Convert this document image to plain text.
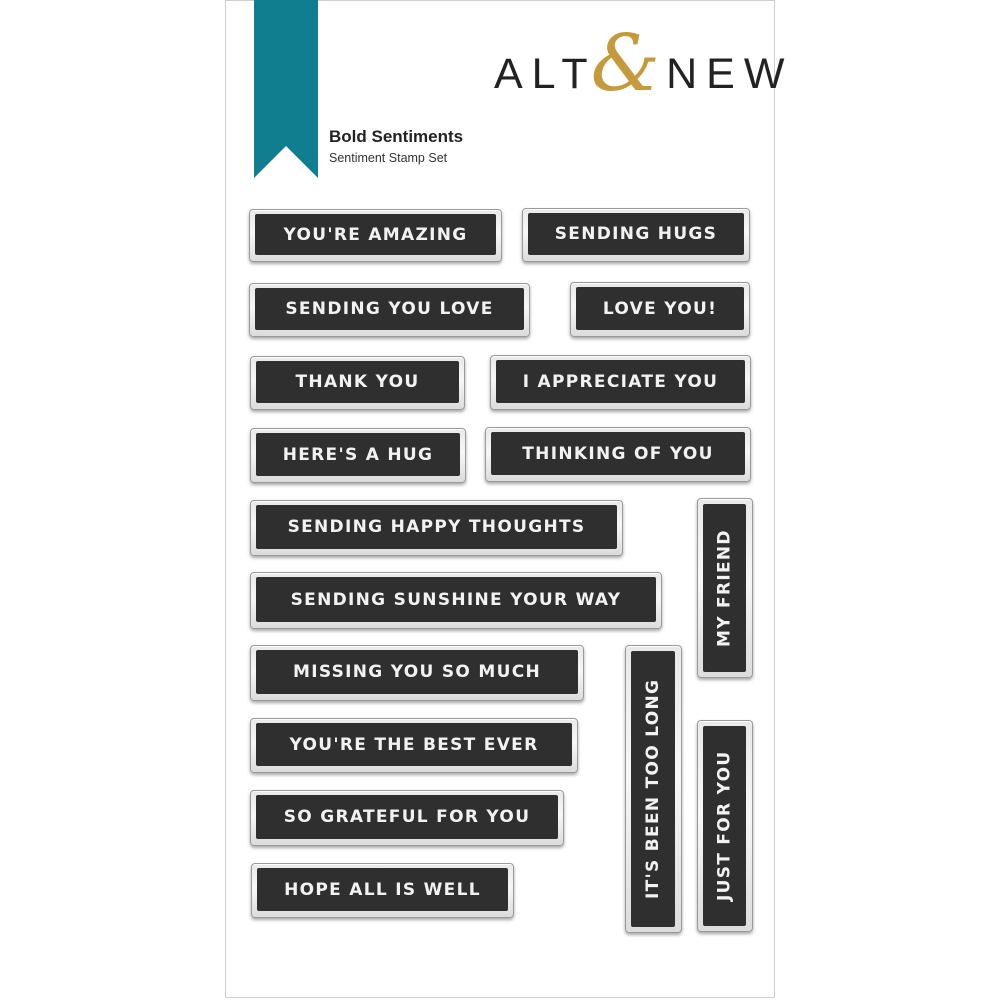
ALT
& NEW
Bold Sentiments
Sentiment Stamp Set
YOU'RE AMAZING	SENDING HUGS
SENDING YOU LOVE	LOVE YOU!
THANK YOU	I APPRECIATE YOU
HERE'S A HUG	THINKING OF YOU
SENDING HAPPY THOUGHTS
SENDING SUNSHINE YOUR WAY
MISSING YOU SO MUCH
YOU'RE THE BEST EVER
SO GRATEFUL FOR YOU
HOPE ALL IS WELL
MY FRIEND
IT'S BEEN TOO LONG	JUST FOR YOU
